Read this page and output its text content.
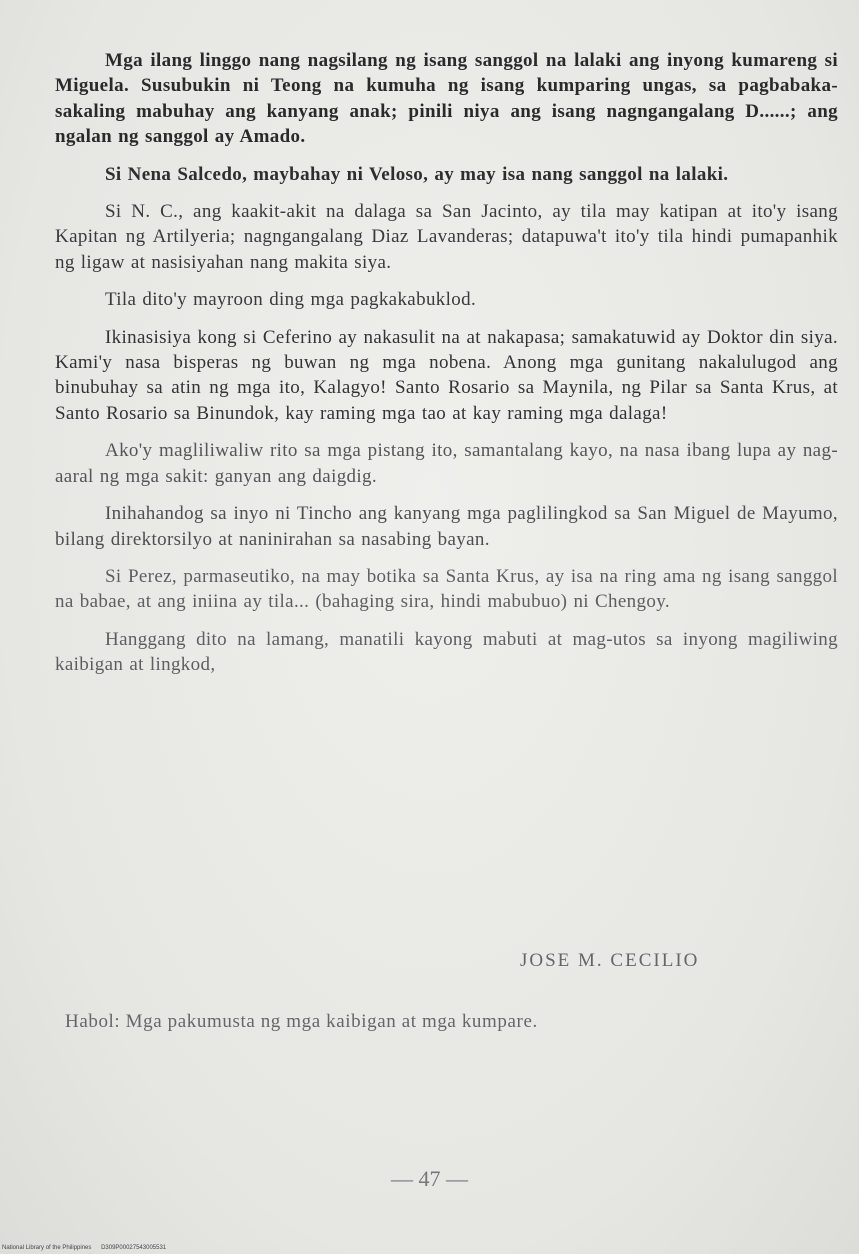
Mga ilang linggo nang nagsilang ng isang sanggol na lalaki ang inyong kumareng si Miguela. Susubukin ni Teong na kumuha ng isang kumparing ungas, sa pagbabaka-sakaling mabuhay ang kanyang anak; pinili niya ang isang nagngangalang D......; ang ngalan ng sanggol ay Amado.

Si Nena Salcedo, maybahay ni Veloso, ay may isa nang sanggol na lalaki.

Si N. C., ang kaakit-akit na dalaga sa San Jacinto, ay tila may katipan at ito'y isang Kapitan ng Artilyeria; nagngangalang Diaz Lavanderas; datapuwa't ito'y tila hindi pumapanhik ng ligaw at nasisiyahan nang makita siya.

Tila dito'y mayroon ding mga pagkakabuklod.

Ikinasisiya kong si Ceferino ay nakasulit na at nakapasa; samakatuwid ay Doktor din siya. Kami'y nasa bisperas ng buwan ng mga nobena. Anong mga gunitang nakalulugod ang binubuhay sa atin ng mga ito, Kalagyo! Santo Rosario sa Maynila, ng Pilar sa Santa Krus, at Santo Rosario sa Binundok, kay raming mga tao at kay raming mga dalaga!

Ako'y magliliwaliw rito sa mga pistang ito, samantalang kayo, na nasa ibang lupa ay nag-aaral ng mga sakit: ganyan ang daigdig.

Inihahandog sa inyo ni Tincho ang kanyang mga paglilingkod sa San Miguel de Mayumo, bilang direktorsilyo at naninirahan sa nasabing bayan.

Si Perez, parmaseutiko, na may botika sa Santa Krus, ay isa na ring ama ng isang sanggol na babae, at ang iniina ay tila... (bahaging sira, hindi mabubuo) ni Chengoy.

Hanggang dito na lamang, manatili kayong mabuti at mag-utos sa inyong magiliwing kaibigan at lingkod,

JOSE M. CECILIO
Habol: Mga pakumusta ng mga kaibigan at mga kumpare.
— 47 —
National Library of the Philippines D309P00027543005531
